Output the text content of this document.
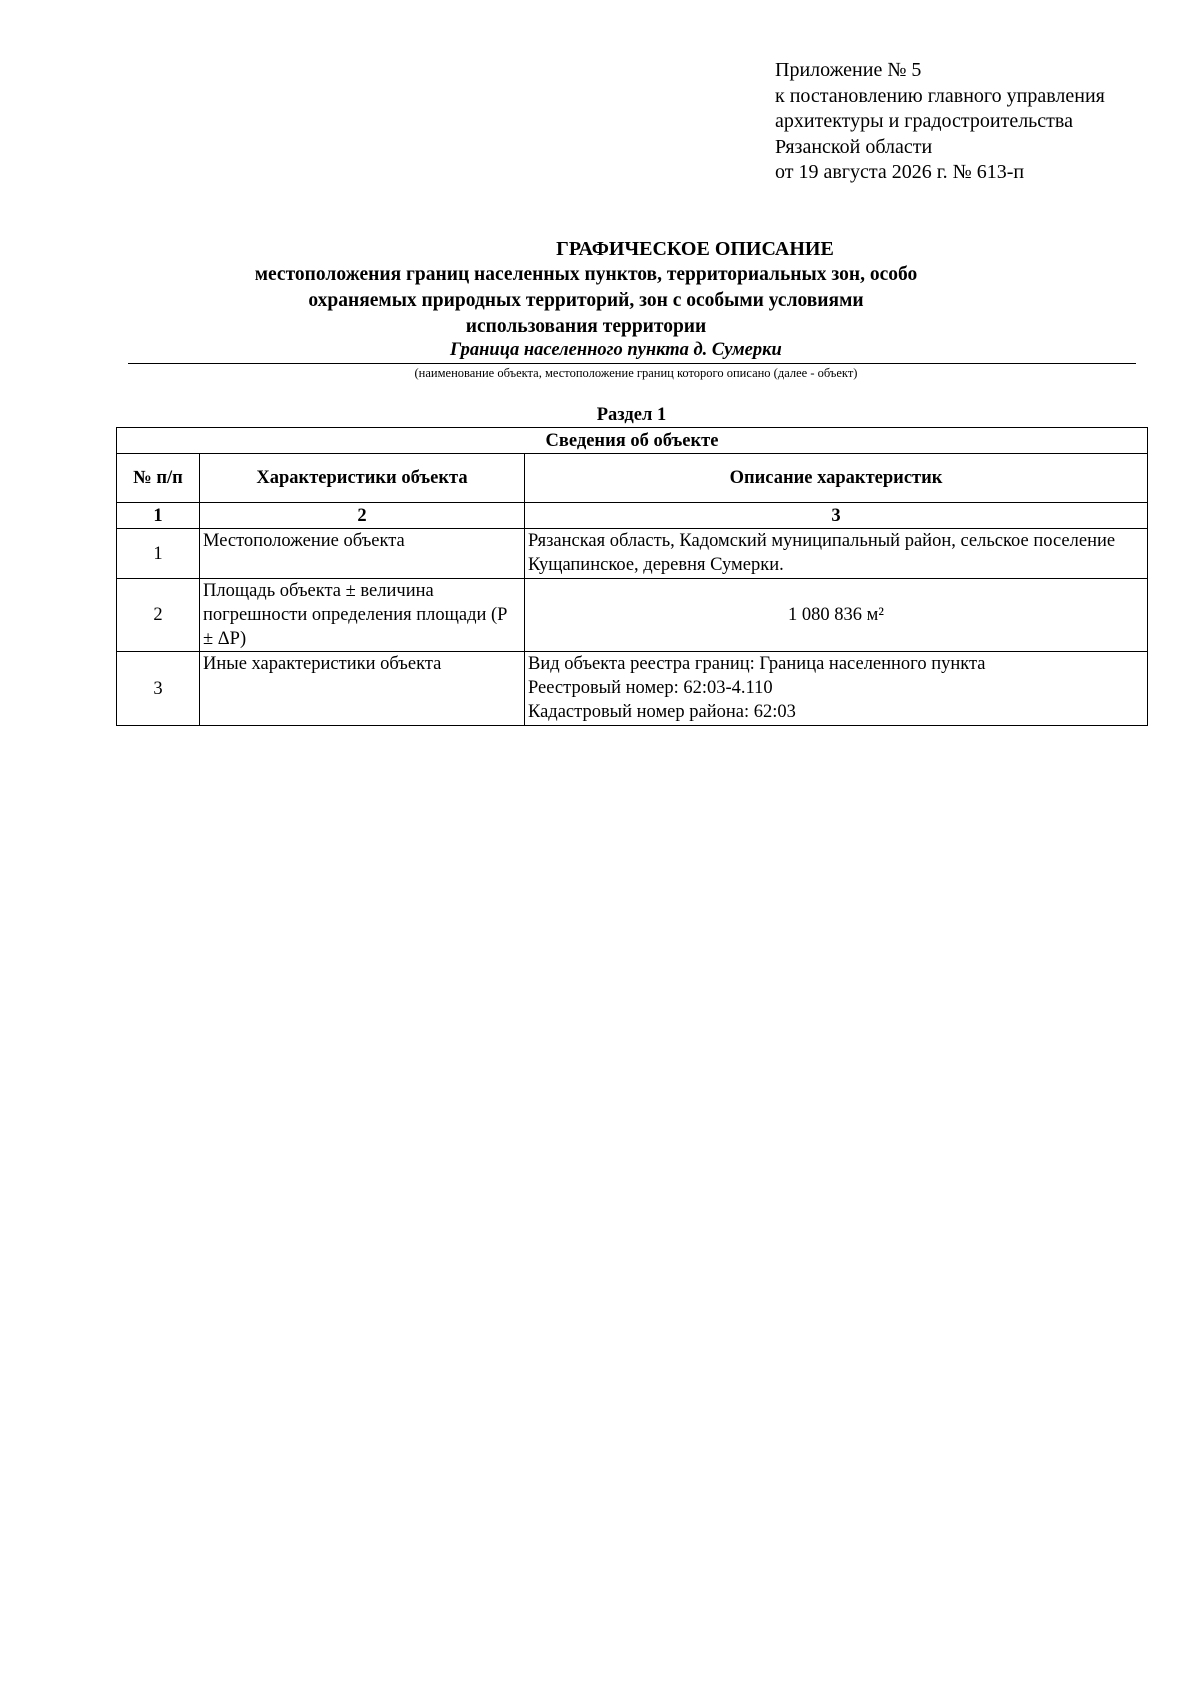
Приложение № 5
к постановлению главного управления
архитектуры и градостроительства
Рязанской области
от 19 августа 2026 г. № 613-п
ГРАФИЧЕСКОЕ ОПИСАНИЕ
местоположения границ населенных пунктов, территориальных зон, особо охраняемых природных территорий, зон с особыми условиями использования территории
Граница населенного пункта д. Сумерки
(наименование объекта, местоположение границ которого описано (далее - объект)
Раздел 1
Сведения об объекте		
№ п/п	Характеристики объекта	Описание характеристик
1	2	3
1	Местоположение объекта	Рязанская область, Кадомский муниципальный район, сельское поселение Кущапинское, деревня Сумерки.
2	Площадь объекта ± величина погрешности определения площади (P ± ΔP)	1 080 836 м²
3	Иные характеристики объекта	Вид объекта реестра границ: Граница населенного пункта
Реестровый номер: 62:03-4.110
Кадастровый номер района: 62:03
